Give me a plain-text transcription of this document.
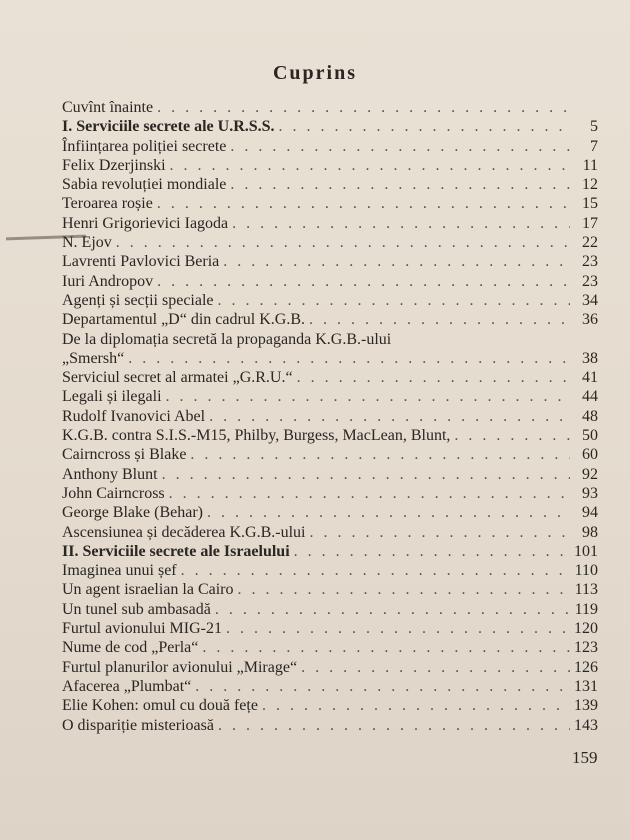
Cuprins
Cuvînt înainte
. . .
I. Serviciile secrete ale U.R.S.S. . . .	5
Înființarea poliției secrete . . .	7
Felix Dzerjinski . . .	11
Sabia revoluției mondiale . . .	12
Teroarea roșie . . .	15
Henri Grigorievici Iagoda . . .	17
N. Ejov . . .	22
Lavrenti Pavlovici Beria . . .	23
Iuri Andropov . . .	23
Agenți și secții speciale . . .	34
Departamentul „D“ din cadrul K.G.B. . . .	36
De la diplomația secretă la propaganda K.G.B.-ului
„Smersh“ . . .	38
Serviciul secret al armatei „G.R.U.“ . . .	41
Legali și ilegali . . .	44
Rudolf Ivanovici Abel . . .	48
K.G.B. contra S.I.S.-M15, Philby, Burgess, MacLean, Blunt, . . .	50
Cairncross și Blake . . .	60
Anthony Blunt . . .	92
John Cairncross . . .	93
George Blake (Behar) . . .	94
Ascensiunea și decăderea K.G.B.-ului . . .	98
II. Serviciile secrete ale Israelului . . .	101
Imaginea unui șef . . .	110
Un agent israelian la Cairo . . .	113
Un tunel sub ambasadă . . .	119
Furtul avionului MIG-21 . . .	120
Nume de cod „Perla“ . . .	123
Furtul planurilor avionului „Mirage“ . . .	126
Afacerea „Plumbat“ . . .	131
Elie Kohen: omul cu două fețe . . .	139
O dispariție misterioasă . . .	143
159
